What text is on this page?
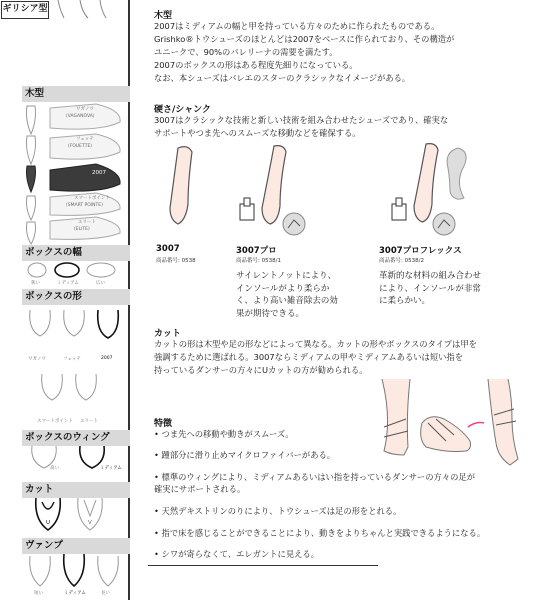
ギリシア型
木型
ボックスの幅
ボックスの形
ボックスのウィング
カット
ヴァンプ
ワガノワ
(VAGANOVA)
フェッテ
(FOUETTE)
2007
スマートポイント
(SMART POINTE)
エリート
(ELITE)
狭い	ミディアム	広い
ワガノワ	フェッテ	2007
スマートポイント エリート
高い	ミディアム
U	V
短い	ミディアム	長い
木型
2007はミディアムの幅と甲を持っている方々のために作られたものである。
Grishko®トウシューズのほとんどは2007をベースに作られており、その構造が
ユニークで、90%のバレリーナの需要を満たす。
2007のボックスの形はある程度先細りになっている。
なお、本シューズはバレエのスターのクラシックなイメージがある。
硬さ/シャンク
3007はクラシックな技術と新しい技術を組み合わせたシューズであり、確実な
サポートやつま先へのスムーズな移動などを確保する。
3007
商品番号: 0538
3007プロ
商品番号: 0538/1
サイレントノットにより、
インソールがより柔らか
く、より高い雑音除去の効
果が期待できる。
3007プロフレックス
商品番号: 0538/2
革新的な材料の組み合わせ
により、インソールが非常
に柔らかい。
カット
カットの形は木型や足の形などによって異なる。カットの形やボックスのタイプは甲を
強調するために選ばれる。3007ならミディアムの甲やミディアムあるいは短い指を
持っているダンサーの方々にUカットの方が勧められる。
特徴
• つま先への移動や動きがスムーズ。
• 踵部分に滑り止めマイクロファイバーがある。
• 標準のウィングにより、ミディアムあるいはい指を持っているダンサーの方々の足が
確実にサポートされる。
• 天然デキストリンのりにより、トウシューズは足の形をとれる。
• 指で床を感じることができることにより、動きをよりちゃんと実践できるようになる。
• シワが寄らなくて、エレガントに見える。
